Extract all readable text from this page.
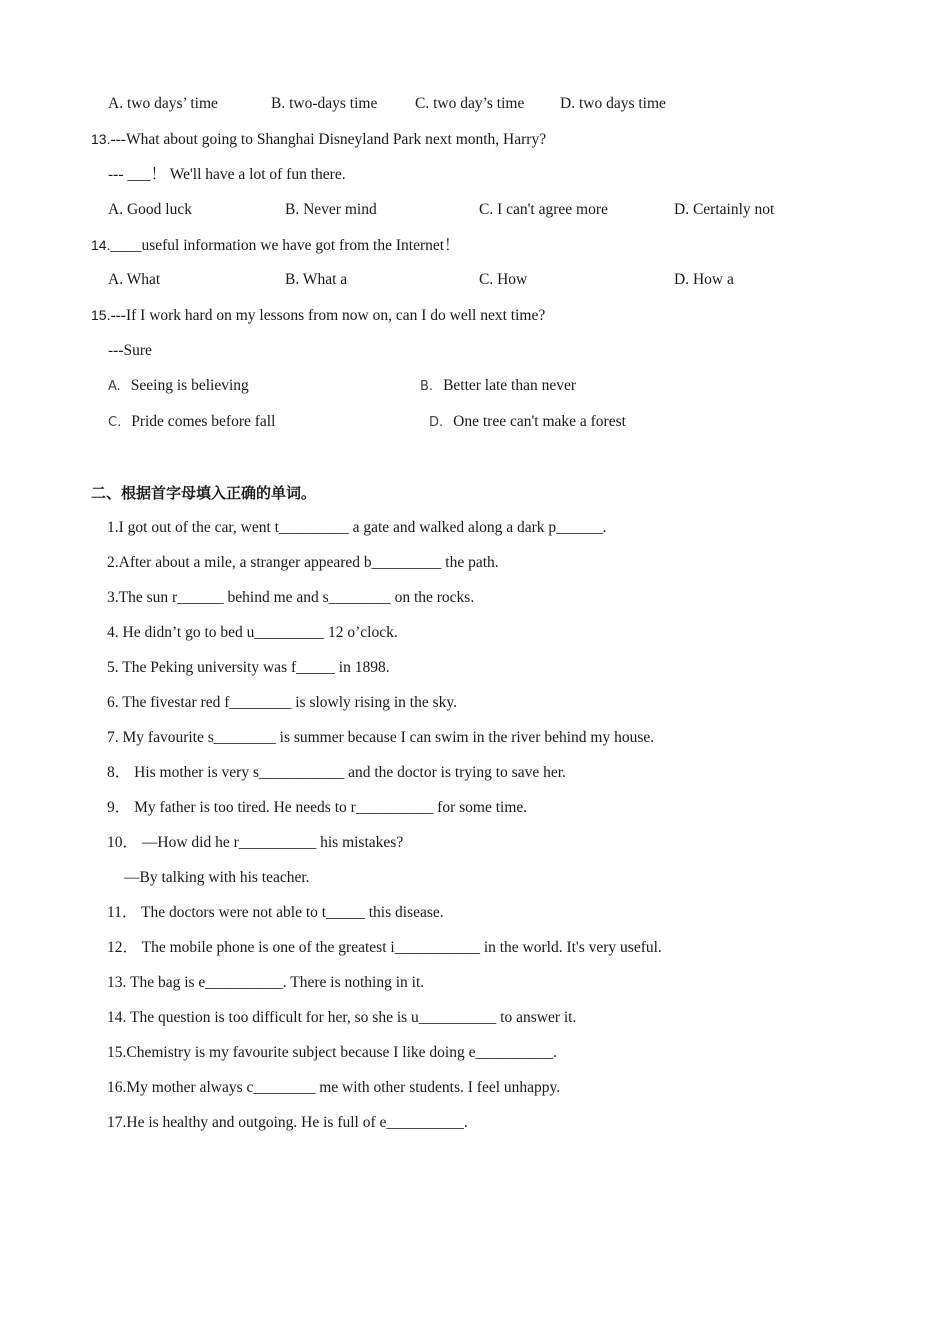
A. two days’ time	B. two-days time C. two day’s time D. two days time
13.---What about going to Shanghai Disneyland Park next month, Harry?
--- ___！ We'll have a lot of fun there.
A. Good luck	B. Never mind	C. I can't agree more	D. Certainly not
14.____useful information we have got from the Internet！
A. What	B. What a	C. How	D. How a
15.---If I work hard on my lessons from now on, can I do well next time?
---Sure
A. Seeing is believing	B. Better late than never
C. Pride comes before fall	D. One tree can't make a forest
二、根据首字母填入正确的单词。
1.I got out of the car, went t_________ a gate and walked along a dark p______.
2.After about a mile, a stranger appeared b_________ the path.
3.The sun r______ behind me and s________ on the rocks.
4. He didn’t go to bed u_________ 12 o’clock.
5. The Peking university was f_____ in 1898.
6. The fivestar red f________ is slowly rising in the sky.
7. My favourite s________ is summer because I can swim in the river behind my house.
8． His mother is very s___________ and the doctor is trying to save her.
9． My father is too tired. He needs to r__________ for some time.
10． —How did he r__________ his mistakes?
—By talking with his teacher.
11． The doctors were not able to t_____ this disease.
12． The mobile phone is one of the greatest i___________ in the world. It's very useful.
13. The bag is e__________. There is nothing in it.
14. The question is too difficult for her, so she is u__________ to answer it.
15.Chemistry is my favourite subject because I like doing e__________.
16.My mother always c________ me with other students. I feel unhappy.
17.He is healthy and outgoing. He is full of e__________.
